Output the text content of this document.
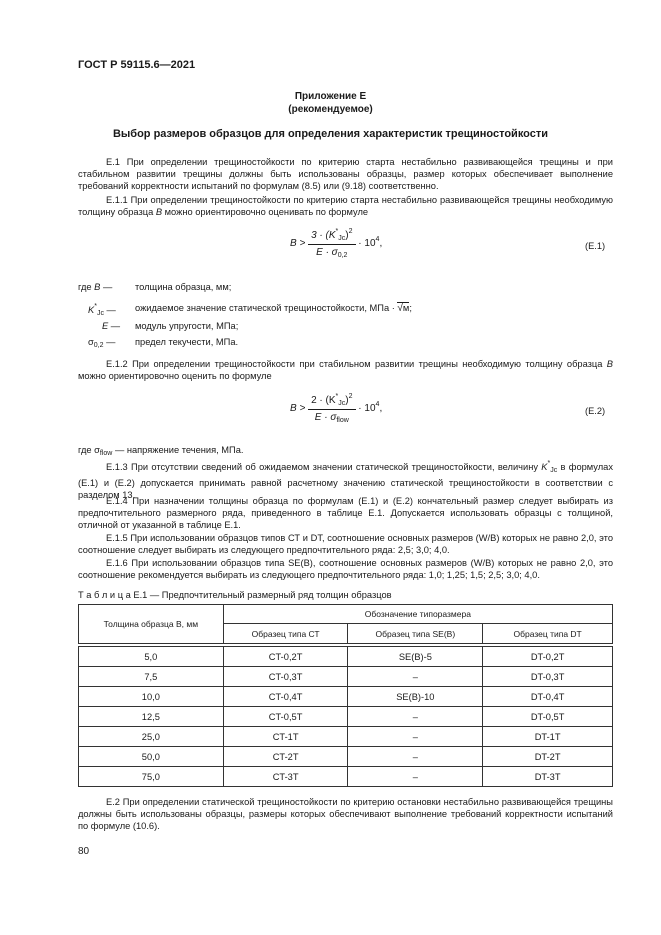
ГОСТ Р 59115.6—2021
Приложение Е
(рекомендуемое)
Выбор размеров образцов для определения характеристик трещиностойкости
Е.1 При определении трещиностойкости по критерию старта нестабильно развивающейся трещины и при стабильном развитии трещины должны быть использованы образцы, размер которых обеспечивает выполнение требований корректности испытаний по формулам (8.5) или (9.18) соответственно.
Е.1.1 При определении трещиностойкости по критерию старта нестабильно развивающейся трещины необходимую толщину образца B можно ориентировочно оценивать по формуле
$B > \frac{3 \cdot (K^*_{Jc})^2}{E \cdot \sigma_{0,2}} \cdot 10^4$,	(Е.1)
где B — толщина образца, мм;
$K^*_{Jc}$ — ожидаемое значение статической трещиностойкости, МПа · √м;
E — модуль упругости, МПа;
$\sigma_{0,2}$ — предел текучести, МПа.
Е.1.2 При определении трещиностойкости при стабильном развитии трещины необходимую толщину образца B можно ориентировочно оценить по формуле
$B > \frac{2 \cdot (K^*_{Jc})^2}{E \cdot \sigma_{flow}} \cdot 10^4$,	(Е.2)
где $\sigma_{flow}$ — напряжение течения, МПа.
Е.1.3 При отсутствии сведений об ожидаемом значении статической трещиностойкости, величину $K^*_{Jc}$ в формулах (Е.1) и (Е.2) допускается принимать равной расчетному значению статической трещиностойкости в соответствии с разделом 13.
Е.1.4 При назначении толщины образца по формулам (Е.1) и (Е.2) кончательный размер следует выбирать из предпочтительного размерного ряда, приведенного в таблице Е.1. Допускается использовать образцы с толщиной, отличной от указанной в таблице Е.1.
Е.1.5 При использовании образцов типов СТ и DT, соотношение основных размеров (W/B) которых не равно 2,0, это соотношение следует выбирать из следующего предпочтительного ряда: 2,5; 3,0; 4,0.
Е.1.6 При использовании образцов типа SE(B), соотношение основных размеров (W/B) которых не равно 2,0, это соотношение рекомендуется выбирать из следующего предпочтительного ряда: 1,0; 1,25; 1,5; 2,5; 3,0; 4,0.
Т а б л и ц а Е.1 — Предпочтительный размерный ряд толщин образцов
Толщина образца B, мм	Обозначение типоразмера		
	Образец типа СТ	Образец типа SE(B)	Образец типа DT

5,0	CT-0,2T	SE(B)-5	DT-0,2T
7,5	CT-0,3T	–	DT-0,3T
10,0	CT-0,4T	SE(B)-10	DT-0,4T
12,5	CT-0,5T	–	DT-0,5T
25,0	CT-1T	–	DT-1T
50,0	CT-2T	–	DT-2T
75,0	CT-3T	–	DT-3T
Е.2 При определении статической трещиностойкости по критерию остановки нестабильно развивающейся трещины должны быть использованы образцы, размеры которых обеспечивают выполнение требований корректности испытаний по формуле (10.6).
80
